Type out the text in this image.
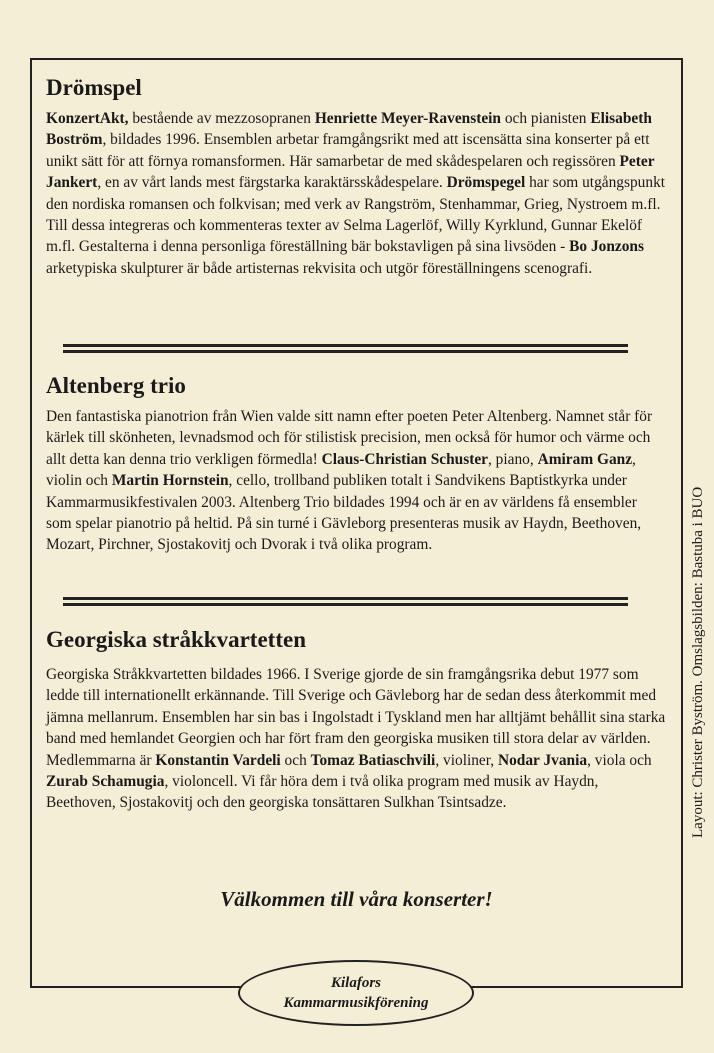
Drömspel

KonzertAkt, bestående av mezzosopranen Henriette Meyer-Ravenstein och pianisten Elisabeth Boström, bildades 1996. Ensemblen arbetar framgångsrikt med att iscensätta sina konserter på ett unikt sätt för att förnya romansformen. Här samarbetar de med skådespelaren och regissören Peter Jankert, en av vårt lands mest färgstarka karaktärsskådespelare. Drömspegel har som utgångspunkt den nordiska romansen och folkvisan; med verk av Rangström, Stenhammar, Grieg, Nystroem m.fl. Till dessa integreras och kommenteras texter av Selma Lagerlöf, Willy Kyrklund, Gunnar Ekelöf m.fl. Gestalterna i denna personliga föreställning bär bokstavligen på sina livsöden - Bo Jonzons arketypiska skulpturer är både artisternas rekvisita och utgör föreställningens scenografi.

Altenberg trio

Den fantastiska pianotrion från Wien valde sitt namn efter poeten Peter Altenberg. Namnet står för kärlek till skönheten, levnadsmod och för stilistisk precision, men också för humor och värme och allt detta kan denna trio verkligen förmedla! Claus-Christian Schuster, piano, Amiram Ganz, violin och Martin Hornstein, cello, trollband publiken totalt i Sandvikens Baptistkyrka under Kammarmusikfestivalen 2003. Altenberg Trio bildades 1994 och är en av världens få ensembler som spelar pianotrio på heltid. På sin turné i Gävleborg presenteras musik av Haydn, Beethoven, Mozart, Pirchner, Sjostakovitj och Dvorak i två olika program.

Georgiska stråkkvartetten

Georgiska Stråkkvartetten bildades 1966. I Sverige gjorde de sin framgångsrika debut 1977 som ledde till internationellt erkännande. Till Sverige och Gävleborg har de sedan dess återkommit med jämna mellanrum. Ensemblen har sin bas i Ingolstadt i Tyskland men har alltjämt behållit sina starka band med hemlandet Georgien och har fört fram den georgiska musiken till stora delar av världen. Medlemmarna är Konstantin Vardeli och Tomaz Batiaschvili, violiner, Nodar Jvania, viola och Zurab Schamugia, violoncell. Vi får höra dem i två olika program med musik av Haydn, Beethoven, Sjostakovitj och den georgiska tonsättaren Sulkhan Tsintsadze.

Välkommen till våra konserter!
Kilafors
Kammarmusikförening
Layout: Christer Byström. Omslagsbilden: Bastuba i BUO
